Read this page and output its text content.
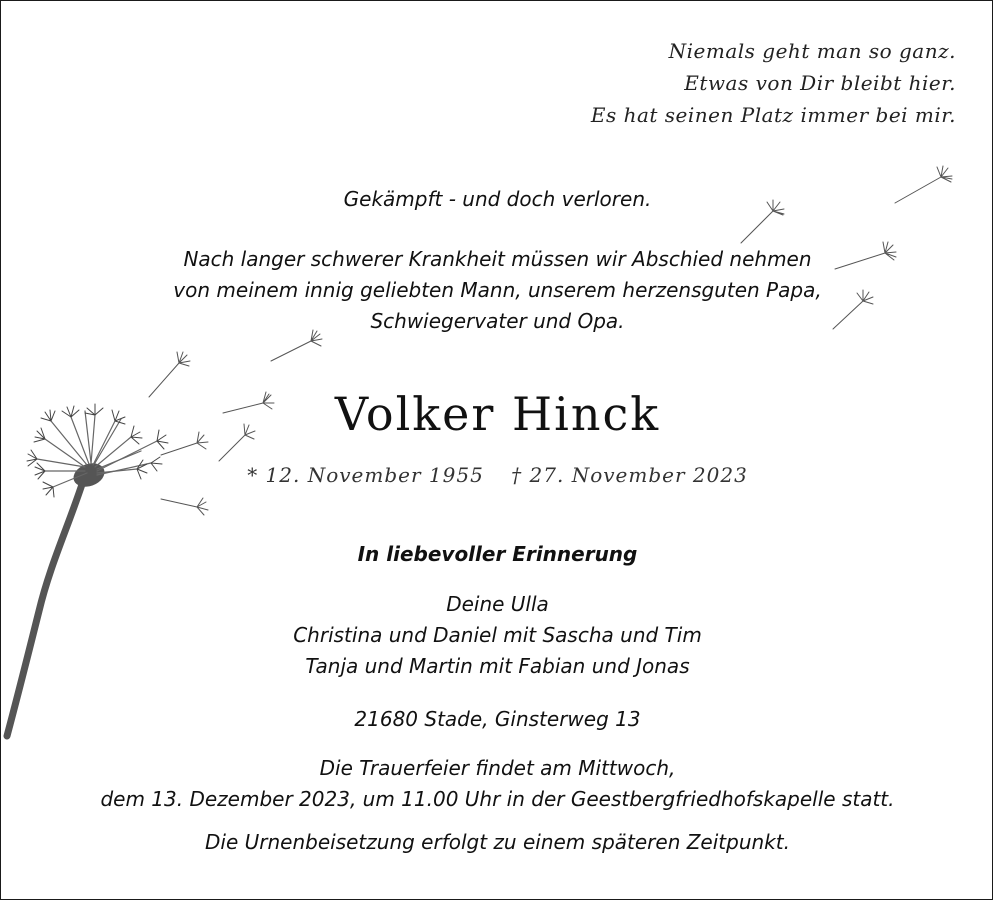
Niemals geht man so ganz.
Etwas von Dir bleibt hier.
Es hat seinen Platz immer bei mir.
Gekämpft - und doch verloren.
Nach langer schwerer Krankheit müssen wir Abschied nehmen
von meinem innig geliebten Mann, unserem herzensguten Papa,
Schwiegervater und Opa.
Volker Hinck
* 12. November 1955 † 27. November 2023
In liebevoller Erinnerung
Deine Ulla
Christina und Daniel mit Sascha und Tim
Tanja und Martin mit Fabian und Jonas
21680 Stade, Ginsterweg 13
Die Trauerfeier findet am Mittwoch,
dem 13. Dezember 2023, um 11.00 Uhr in der Geestbergfriedhofskapelle statt.
Die Urnenbeisetzung erfolgt zu einem späteren Zeitpunkt.
